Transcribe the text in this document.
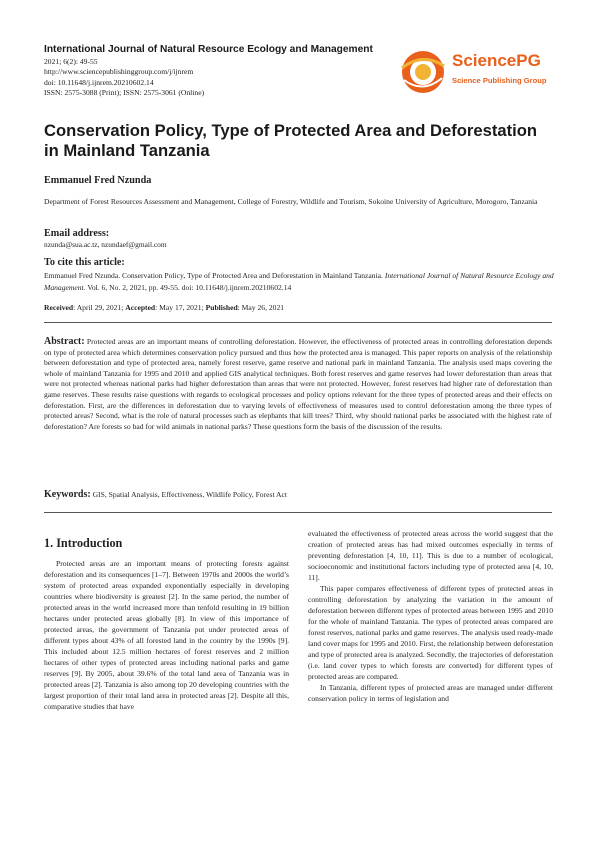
International Journal of Natural Resource Ecology and Management
2021; 6(2): 49-55
http://www.sciencepublishinggroup.com/j/ijnrem
doi: 10.11648/j.ijnrem.20210602.14
ISSN: 2575-3088 (Print); ISSN: 2575-3061 (Online)
SciencePG
Science Publishing Group
Conservation Policy, Type of Protected Area and Deforestation in Mainland Tanzania
Emmanuel Fred Nzunda
Department of Forest Resources Assessment and Management, College of Forestry, Wildlife and Tourism, Sokoine University of Agriculture, Morogoro, Tanzania
Email address:
nzunda@sua.ac.tz, nzundaef@gmail.com
To cite this article:
Emmanuel Fred Nzunda. Conservation Policy, Type of Protected Area and Deforestation in Mainland Tanzania. International Journal of Natural Resource Ecology and Management. Vol. 6, No. 2, 2021, pp. 49-55. doi: 10.11648/j.ijnrem.20210602.14
Received: April 29, 2021; Accepted: May 17, 2021; Published: May 26, 2021
Abstract: Protected areas are an important means of controlling deforestation. However, the effectiveness of protected areas in controlling deforestation depends on type of protected area which determines conservation policy pursued and thus how the protected area is managed. This paper reports on analysis of the relationship between deforestation and type of protected area, namely forest reserve, game reserve and national park in mainland Tanzania. The analysis used maps covering the whole of mainland Tanzania for 1995 and 2010 and applied GIS analytical techniques. Both forest reserves and game reserves had lower deforestation than areas that were not protected whereas national parks had higher deforestation than areas that were not protected. However, forest reserves had higher rate of deforestation than game reserves. These results raise questions with regards to ecological processes and policy options relevant for the three types of protected areas and their effects on deforestation. First, are the differences in deforestation due to varying levels of effectiveness of measures used to control deforestation among the three types of protected areas? Second, what is the role of natural processes such as elephants that kill trees? Third, why should national parks be associated with the highest rate of deforestation? Are forests so bad for wild animals in national parks? These questions form the basis of the discussion of the results.
Keywords: GIS, Spatial Analysis, Effectiveness, Wildlife Policy, Forest Act
1. Introduction

Protected areas are an important means of protecting forests against deforestation and its consequences [1–7]. Between 1970s and 2000s the world’s system of protected areas expanded exponentially especially in developing countries where biodiversity is greatest [2]. In the same period, the number of protected areas in the world increased more than tenfold resulting in 19 billion hectares under protected areas globally [8]. In view of this importance of protected areas, the government of Tanzania put under protected areas of different types about 43% of all forested land in the country by the 1990s [9]. This included about 12.5 million hectares of forest reserves and 2 million hectares of other types of protected areas including national parks and game reserves [9]. By 2005, about 39.6% of the total land area of Tanzania was in protected areas [2]. Tanzania is also among top 20 developing countries with the largest proportion of their total land area in protected areas [2]. Despite all this, comparative studies that have

evaluated the effectiveness of protected areas across the world suggest that the creation of protected areas has had mixed outcomes especially in terms of preventing deforestation [4, 10, 11]. This is due to a number of ecological, socioeconomic and institutional factors including type of protected area [4, 10, 11].

This paper compares effectiveness of different types of protected areas in controlling deforestation by analyzing the variation in the amount of deforestation between different types of protected areas between 1995 and 2010 for the whole of mainland Tanzania. The types of protected areas compared are forest reserves, national parks and game reserves. The analysis used ready-made land cover maps for 1995 and 2010. First, the relationship between deforestation and type of protected area is analyzed. Secondly, the trajectories of deforestation (i.e. land cover types to which forests are converted) for different types of protected areas are compared.

In Tanzania, different types of protected areas are managed under different conservation policy in terms of legislation and
